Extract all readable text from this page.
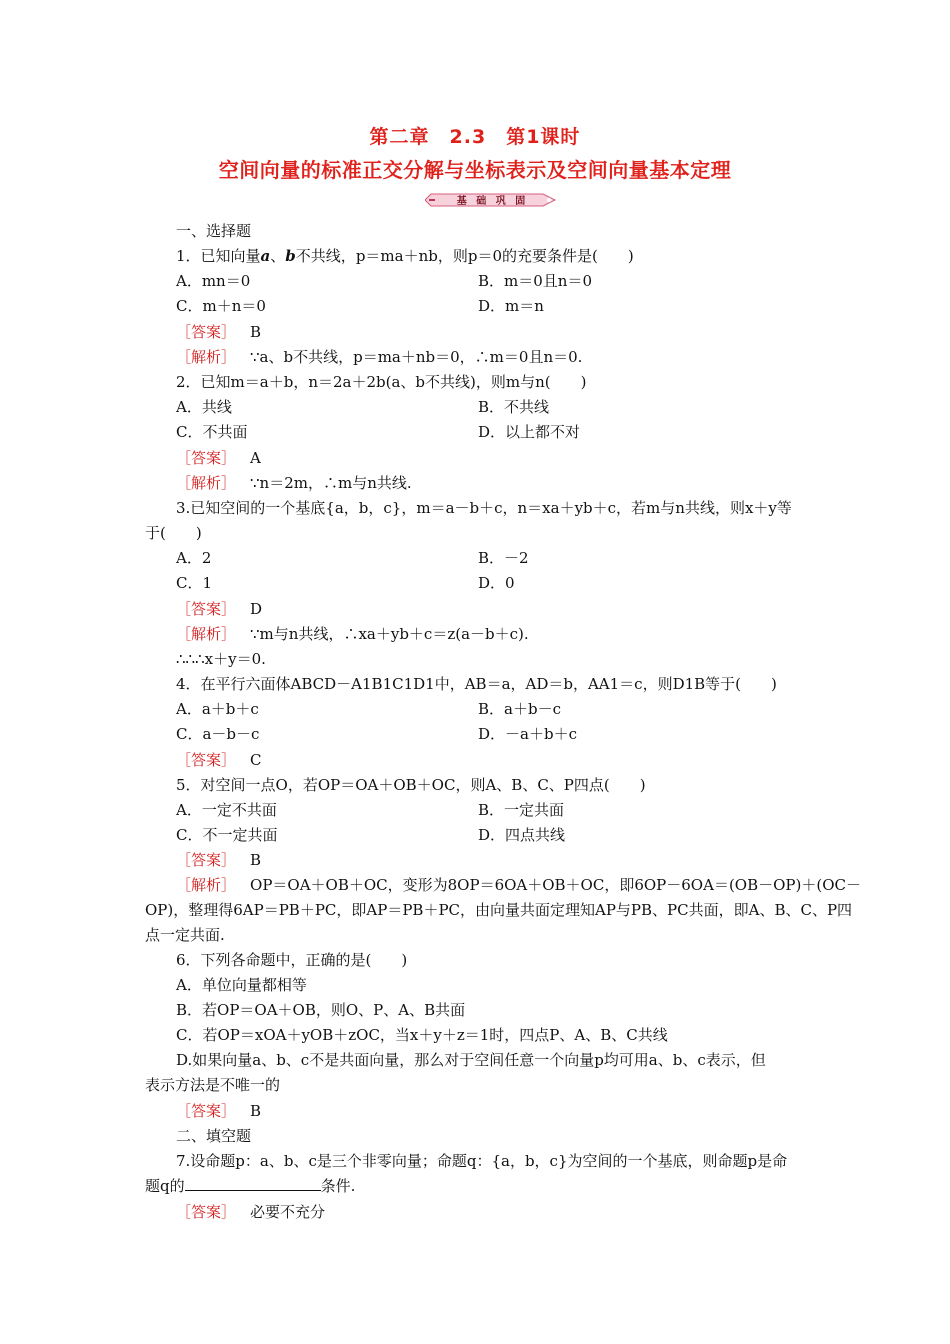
第二章　2.3　第1课时
空间向量的标准正交分解与坐标表示及空间向量基本定理
基 础 巩 固
一、选择题
1．已知向量a、b不共线，p＝ma＋nb，则p＝0的充要条件是(　　)
A．mn＝0	B．m＝0且n＝0
C．m＋n＝0	D．m＝n
［答案］ B
［解析］ ∵a、b不共线，p＝ma＋nb＝0，∴m＝0且n＝0.
2．已知m＝a＋b，n＝2a＋2b(a、b不共线)，则m与n(　　)
A．共线	B．不共线
C．不共面	D．以上都不对
［答案］ A
［解析］ ∵n＝2m，∴m与n共线.
3.已知空间的一个基底{a，b，c}，m＝a－b＋c，n＝xa＋yb＋c，若m与n共线，则x＋y等
于(　　)
A．2	B．－2
C．1	D．0
［答案］ D
［解析］ ∵m与n共线，∴xa＋yb＋c＝z(a－b＋c).
∴∴∴x＋y＝0.
4．在平行六面体ABCD－A1B1C1D1中，AB＝a，AD＝b，AA1＝c，则D1B等于(　　)
A．a＋b＋c	B．a＋b－c
C．a－b－c	D．－a＋b＋c
［答案］ C
5．对空间一点O，若OP＝OA＋OB＋OC，则A、B、C、P四点(　　)
A．一定不共面	B．一定共面
C．不一定共面	D．四点共线
［答案］ B
［解析］ OP＝OA＋OB＋OC，变形为8OP＝6OA＋OB＋OC，即6OP－6OA＝(OB－OP)＋(OC－
OP)，整理得6AP＝PB＋PC，即AP＝PB＋PC，由向量共面定理知AP与PB、PC共面，即A、B、C、P四
点一定共面.
6．下列各命题中，正确的是(　　)
A．单位向量都相等
B．若OP＝OA＋OB，则O、P、A、B共面
C．若OP＝xOA＋yOB＋zOC，当x＋y＋z＝1时，四点P、A、B、C共线
D.如果向量a、b、c不是共面向量，那么对于空间任意一个向量p均可用a、b、c表示，但
表示方法是不唯一的
［答案］ B
二、填空题
7.设命题p：a、b、c是三个非零向量；命题q：{a，b，c}为空间的一个基底，则命题p是命
题q的	条件.
［答案］ 必要不充分
